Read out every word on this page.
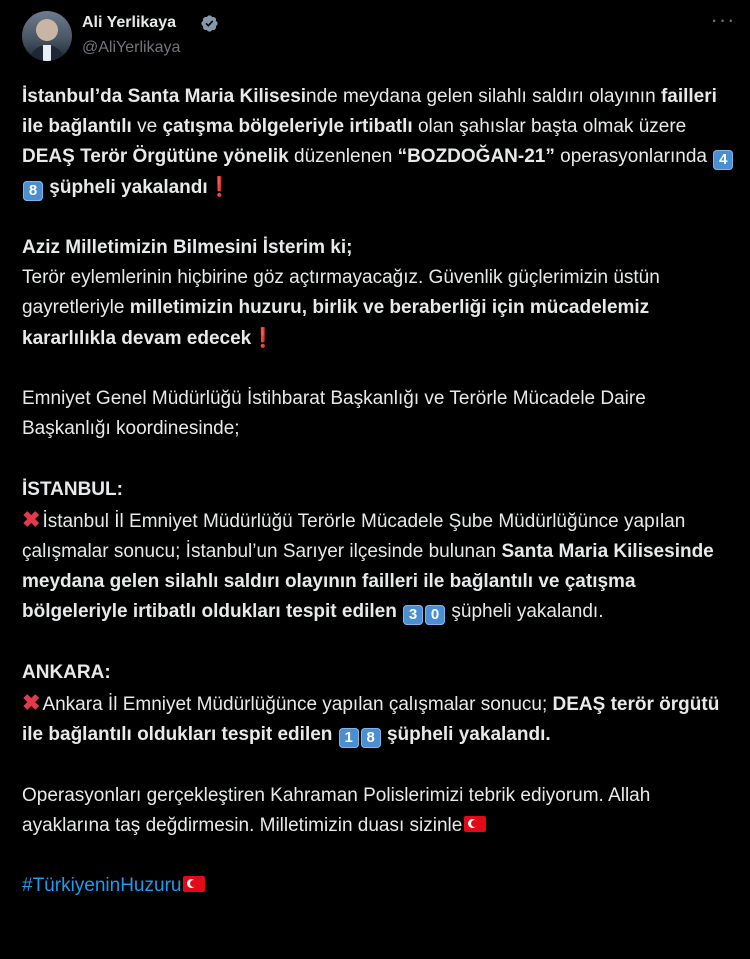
Ali Yerlikaya
@AliYerlikaya
···

İstanbul’da Santa Maria Kilisesinde meydana gelen silahlı saldırı olayının failleri ile bağlantılı ve çatışma bölgeleriyle irtibatlı olan şahıslar başta olmak üzere DEAŞ Terör Örgütüne yönelik düzenlenen “BOZDOĞAN-21” operasyonlarında 48 şüpheli yakalandı❗

Aziz Milletimizin Bilmesini İsterim ki;
Terör eylemlerinin hiçbirine göz açtırmayacağız. Güvenlik güçlerimizin üstün gayretleriyle milletimizin huzuru, birlik ve beraberliği için mücadelemiz kararlılıkla devam edecek❗

Emniyet Genel Müdürlüğü İstihbarat Başkanlığı ve Terörle Mücadele Daire Başkanlığı koordinesinde;

İSTANBUL:
✖ İstanbul İl Emniyet Müdürlüğü Terörle Mücadele Şube Müdürlüğünce yapılan çalışmalar sonucu; İstanbul’un Sarıyer ilçesinde bulunan Santa Maria Kilisesinde meydana gelen silahlı saldırı olayının failleri ile bağlantılı ve çatışma bölgeleriyle irtibatlı oldukları tespit edilen 3 0 şüpheli yakalandı.

ANKARA:
✖ Ankara İl Emniyet Müdürlüğünce yapılan çalışmalar sonucu; DEAŞ terör örgütü ile bağlantılı oldukları tespit edilen 1 8 şüpheli yakalandı.

Operasyonları gerçekleştiren Kahraman Polislerimizi tebrik ediyorum. Allah ayaklarına taş değdirmesin. Milletimizin duası sizinle

#TürkiyeninHuzuru
